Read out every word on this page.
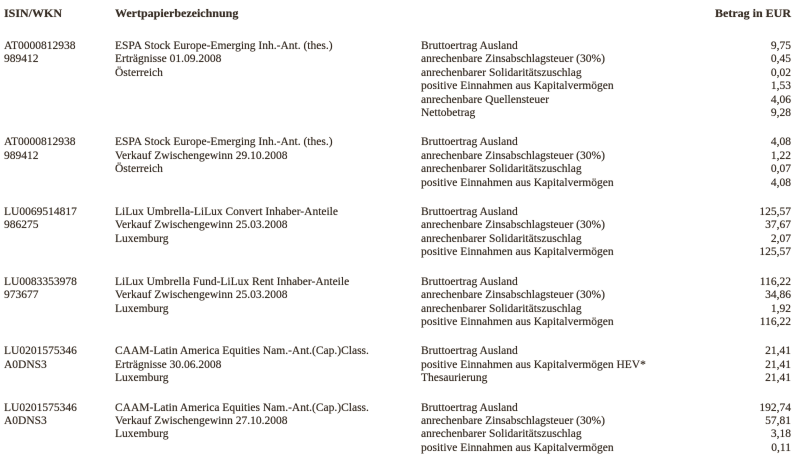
ISIN/WKN	Wertpapierbezeichnung	Betrag in EUR
AT0000812938
989412
ESPA Stock Europe-Emerging Inh.-Ant. (thes.)
Erträgnisse 01.09.2008
Österreich
Bruttoertrag Ausland	9,75
anrechenbare Zinsabschlagsteuer (30%)	0,45
anrechenbarer Solidaritätszuschlag	0,02
positive Einnahmen aus Kapitalvermögen	1,53
anrechenbare Quellensteuer	4,06
Nettobetrag	9,28
AT0000812938
989412
ESPA Stock Europe-Emerging Inh.-Ant. (thes.)
Verkauf Zwischengewinn 29.10.2008
Österreich
Bruttoertrag Ausland	4,08
anrechenbare Zinsabschlagsteuer (30%)	1,22
anrechenbarer Solidaritätszuschlag	0,07
positive Einnahmen aus Kapitalvermögen	4,08
LU0069514817
986275
LiLux Umbrella-LiLux Convert Inhaber-Anteile
Verkauf Zwischengewinn 25.03.2008
Luxemburg
Bruttoertrag Ausland	125,57
anrechenbare Zinsabschlagsteuer (30%)	37,67
anrechenbarer Solidaritätszuschlag	2,07
positive Einnahmen aus Kapitalvermögen	125,57
LU0083353978
973677
LiLux Umbrella Fund-LiLux Rent Inhaber-Anteile
Verkauf Zwischengewinn 25.03.2008
Luxemburg
Bruttoertrag Ausland	116,22
anrechenbare Zinsabschlagsteuer (30%)	34,86
anrechenbarer Solidaritätszuschlag	1,92
positive Einnahmen aus Kapitalvermögen	116,22
LU0201575346
A0DNS3
CAAM-Latin America Equities Nam.-Ant.(Cap.)Class.
Erträgnisse 30.06.2008
Luxemburg
Bruttoertrag Ausland	21,41
positive Einnahmen aus Kapitalvermögen HEV*	21,41
Thesaurierung	21,41
LU0201575346
A0DNS3
CAAM-Latin America Equities Nam.-Ant.(Cap.)Class.
Verkauf Zwischengewinn 27.10.2008
Luxemburg
Bruttoertrag Ausland	192,74
anrechenbare Zinsabschlagsteuer (30%)	57,81
anrechenbarer Solidaritätszuschlag	3,18
positive Einnahmen aus Kapitalvermögen	0,11
